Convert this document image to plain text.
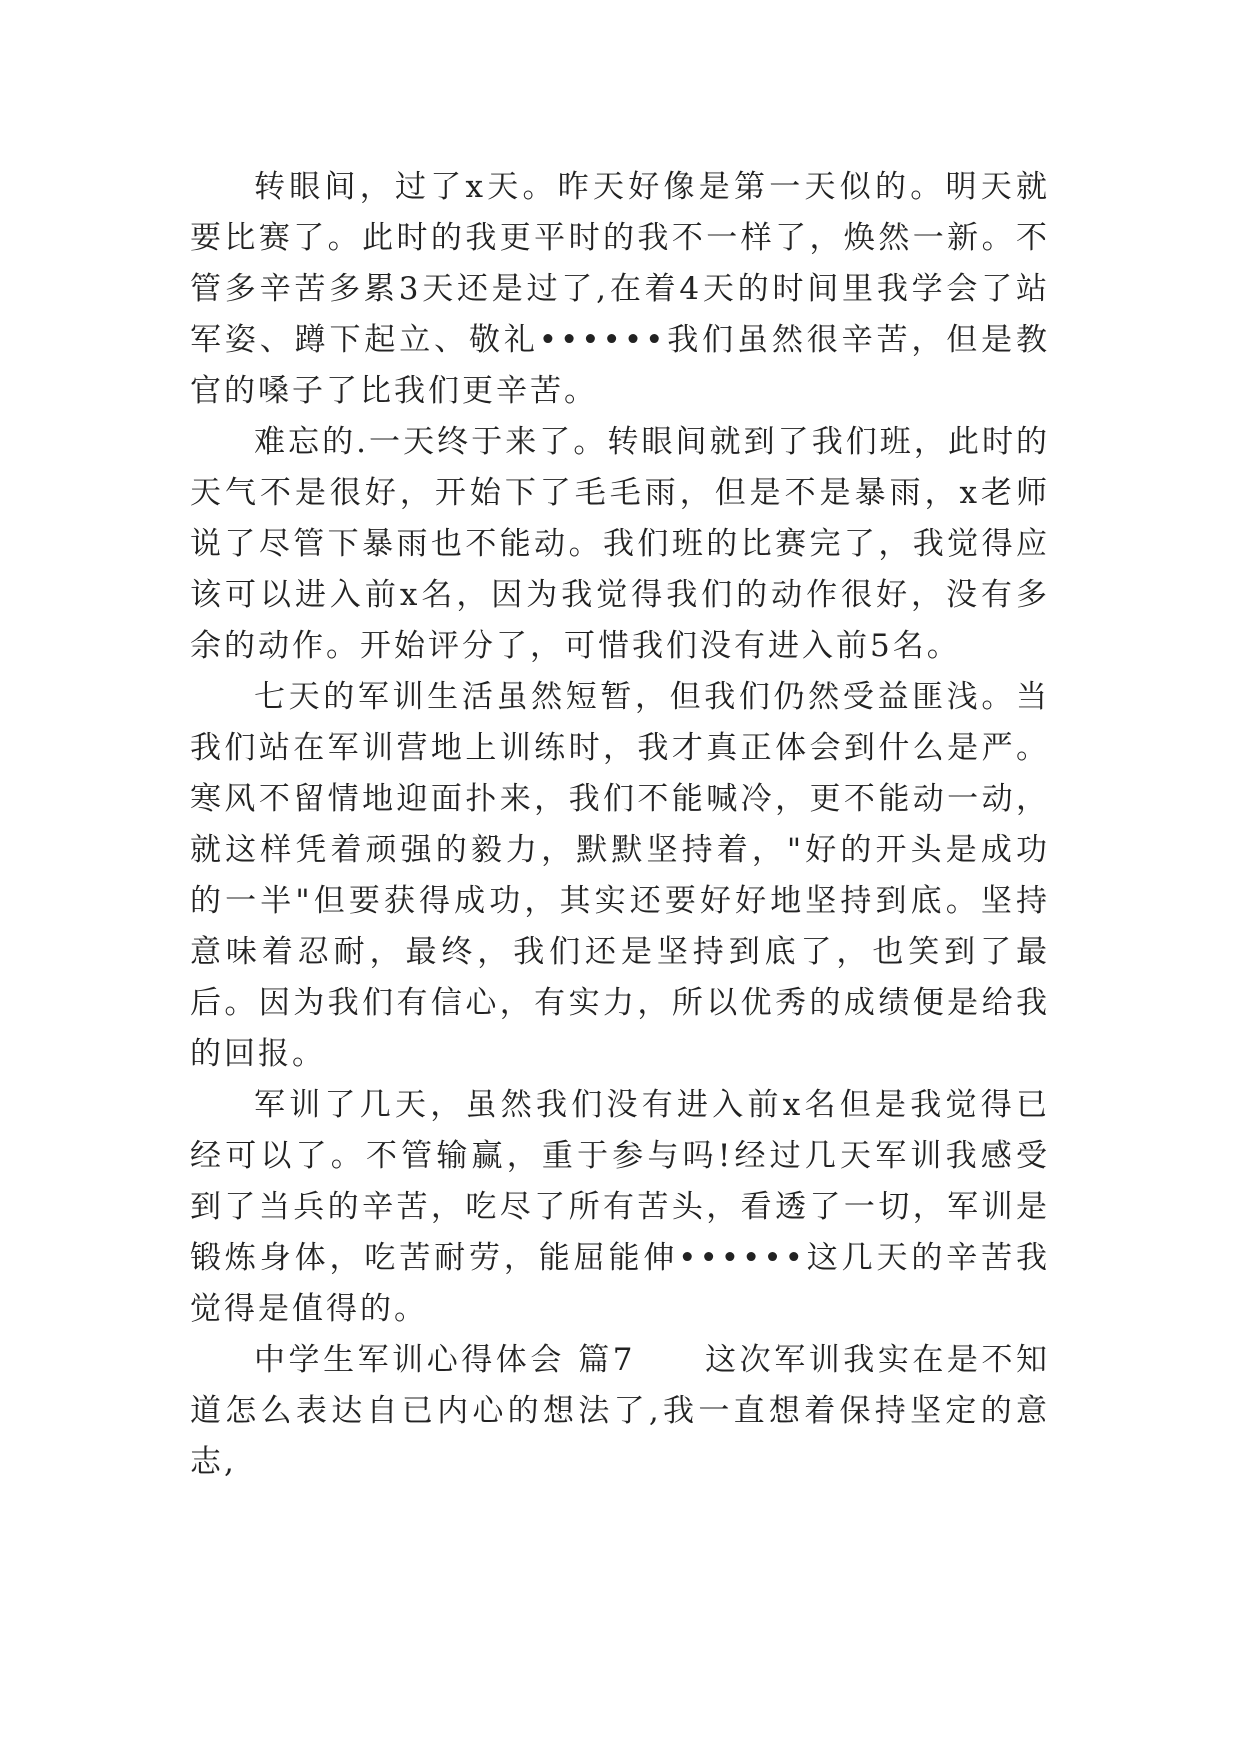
转眼间，过了x天。昨天好像是第一天似的。明天就要比赛了。此时的我更平时的我不一样了，焕然一新。不管多辛苦多累3天还是过了,在着4天的时间里我学会了站军姿、蹲下起立、敬礼••••••我们虽然很辛苦，但是教官的嗓子了比我们更辛苦。

难忘的.一天终于来了。转眼间就到了我们班，此时的天气不是很好，开始下了毛毛雨，但是不是暴雨，x老师说了尽管下暴雨也不能动。我们班的比赛完了，我觉得应该可以进入前x名，因为我觉得我们的动作很好，没有多余的动作。开始评分了，可惜我们没有进入前5名。

七天的军训生活虽然短暂，但我们仍然受益匪浅。当我们站在军训营地上训练时，我才真正体会到什么是严。寒风不留情地迎面扑来，我们不能喊冷，更不能动一动，就这样凭着顽强的毅力，默默坚持着，"好的开头是成功的一半"但要获得成功，其实还要好好地坚持到底。坚持意味着忍耐，最终，我们还是坚持到底了，也笑到了最后。因为我们有信心，有实力，所以优秀的成绩便是给我的回报。

军训了几天，虽然我们没有进入前x名但是我觉得已经可以了。不管输赢，重于参与吗!经过几天军训我感受到了当兵的辛苦，吃尽了所有苦头，看透了一切，军训是锻炼身体，吃苦耐劳，能屈能伸••••••这几天的辛苦我觉得是值得的。

中学生军训心得体会 篇7　　这次军训我实在是不知道怎么表达自已内心的想法了,我一直想着保持坚定的意志,
